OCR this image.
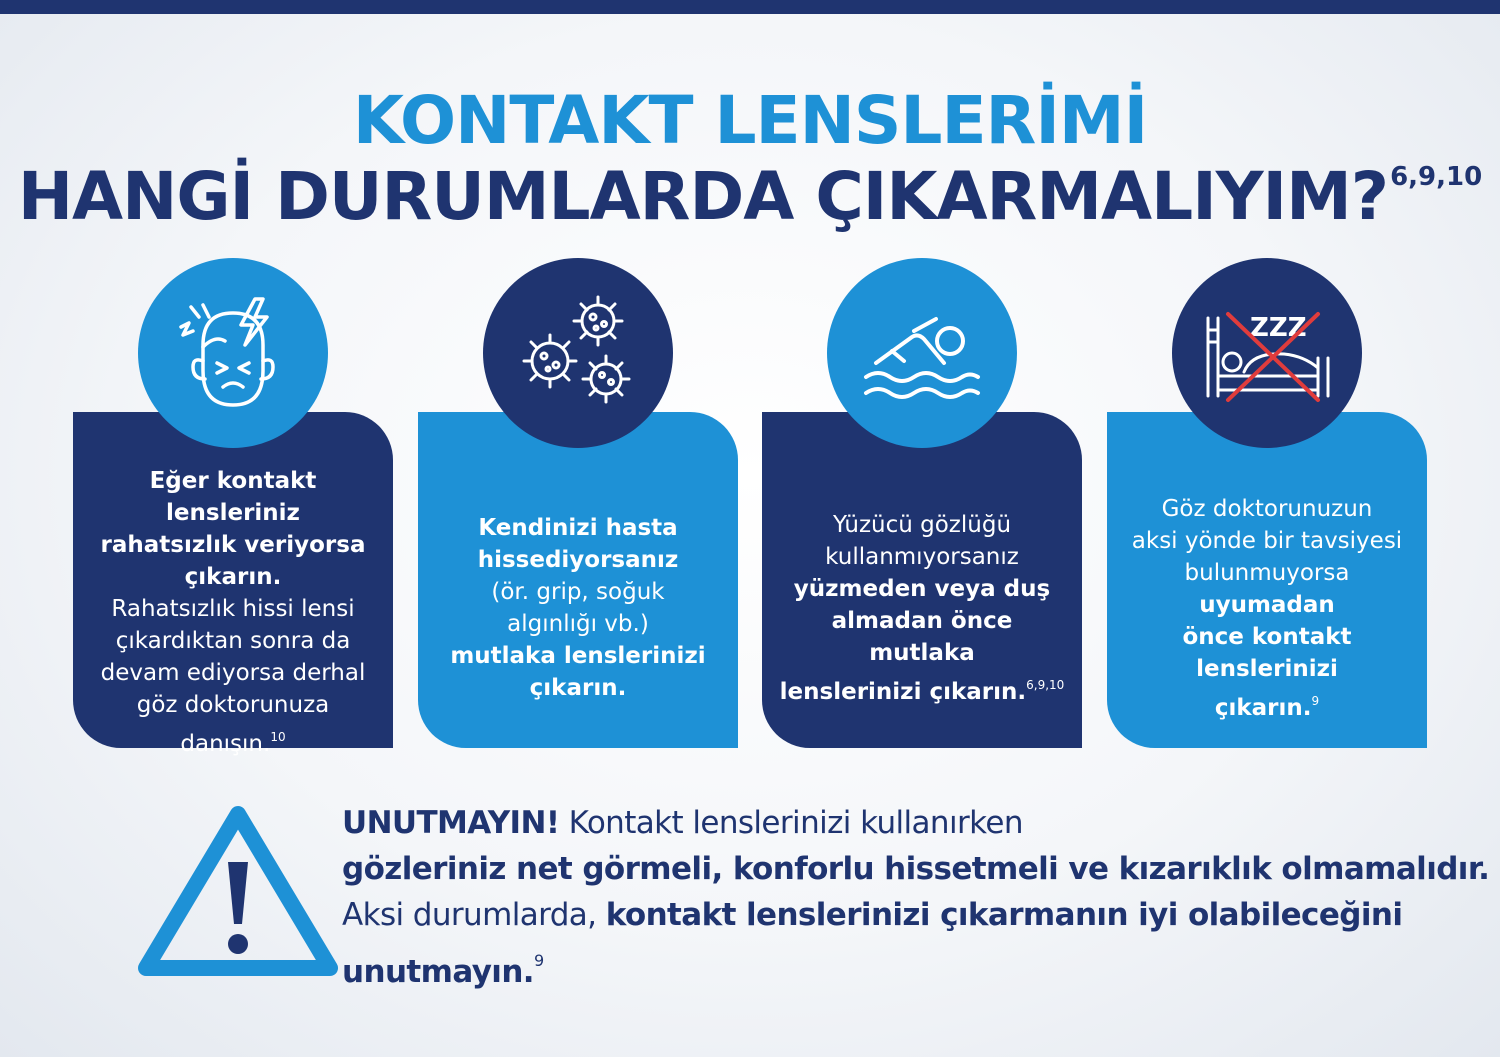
KONTAKT LENSLERİMİ
HANGİ DURUMLARDA ÇIKARMALIYIM?$^{6,9,10}$
Eğer kontakt lensleriniz
rahatsızlık veriyorsa
çıkarın.
Rahatsızlık hissi lensi
çıkardıktan sonra da
devam ediyorsa derhal
göz doktorunuza
danışın.$^{10}$
Kendinizi hasta
hissediyorsanız
(ör. grip, soğuk
algınlığı vb.)
mutlaka lenslerinizi
çıkarın.
Yüzücü gözlüğü
kullanmıyorsanız
yüzmeden veya duş
almadan önce mutlaka
lenslerinizi çıkarın.$^{6,9,10}$
Göz doktorunuzun
aksi yönde bir tavsiyesi
bulunmuyorsa uyumadan
önce kontakt lenslerinizi
çıkarın.$^9$
ZZZ
UNUTMAYIN! Kontakt lenslerinizi kullanırken
gözleriniz net görmeli, konforlu hissetmeli ve kızarıklık olmamalıdır.
Aksi durumlarda, kontakt lenslerinizi çıkarmanın iyi olabileceğini
unutmayın.$^9$
